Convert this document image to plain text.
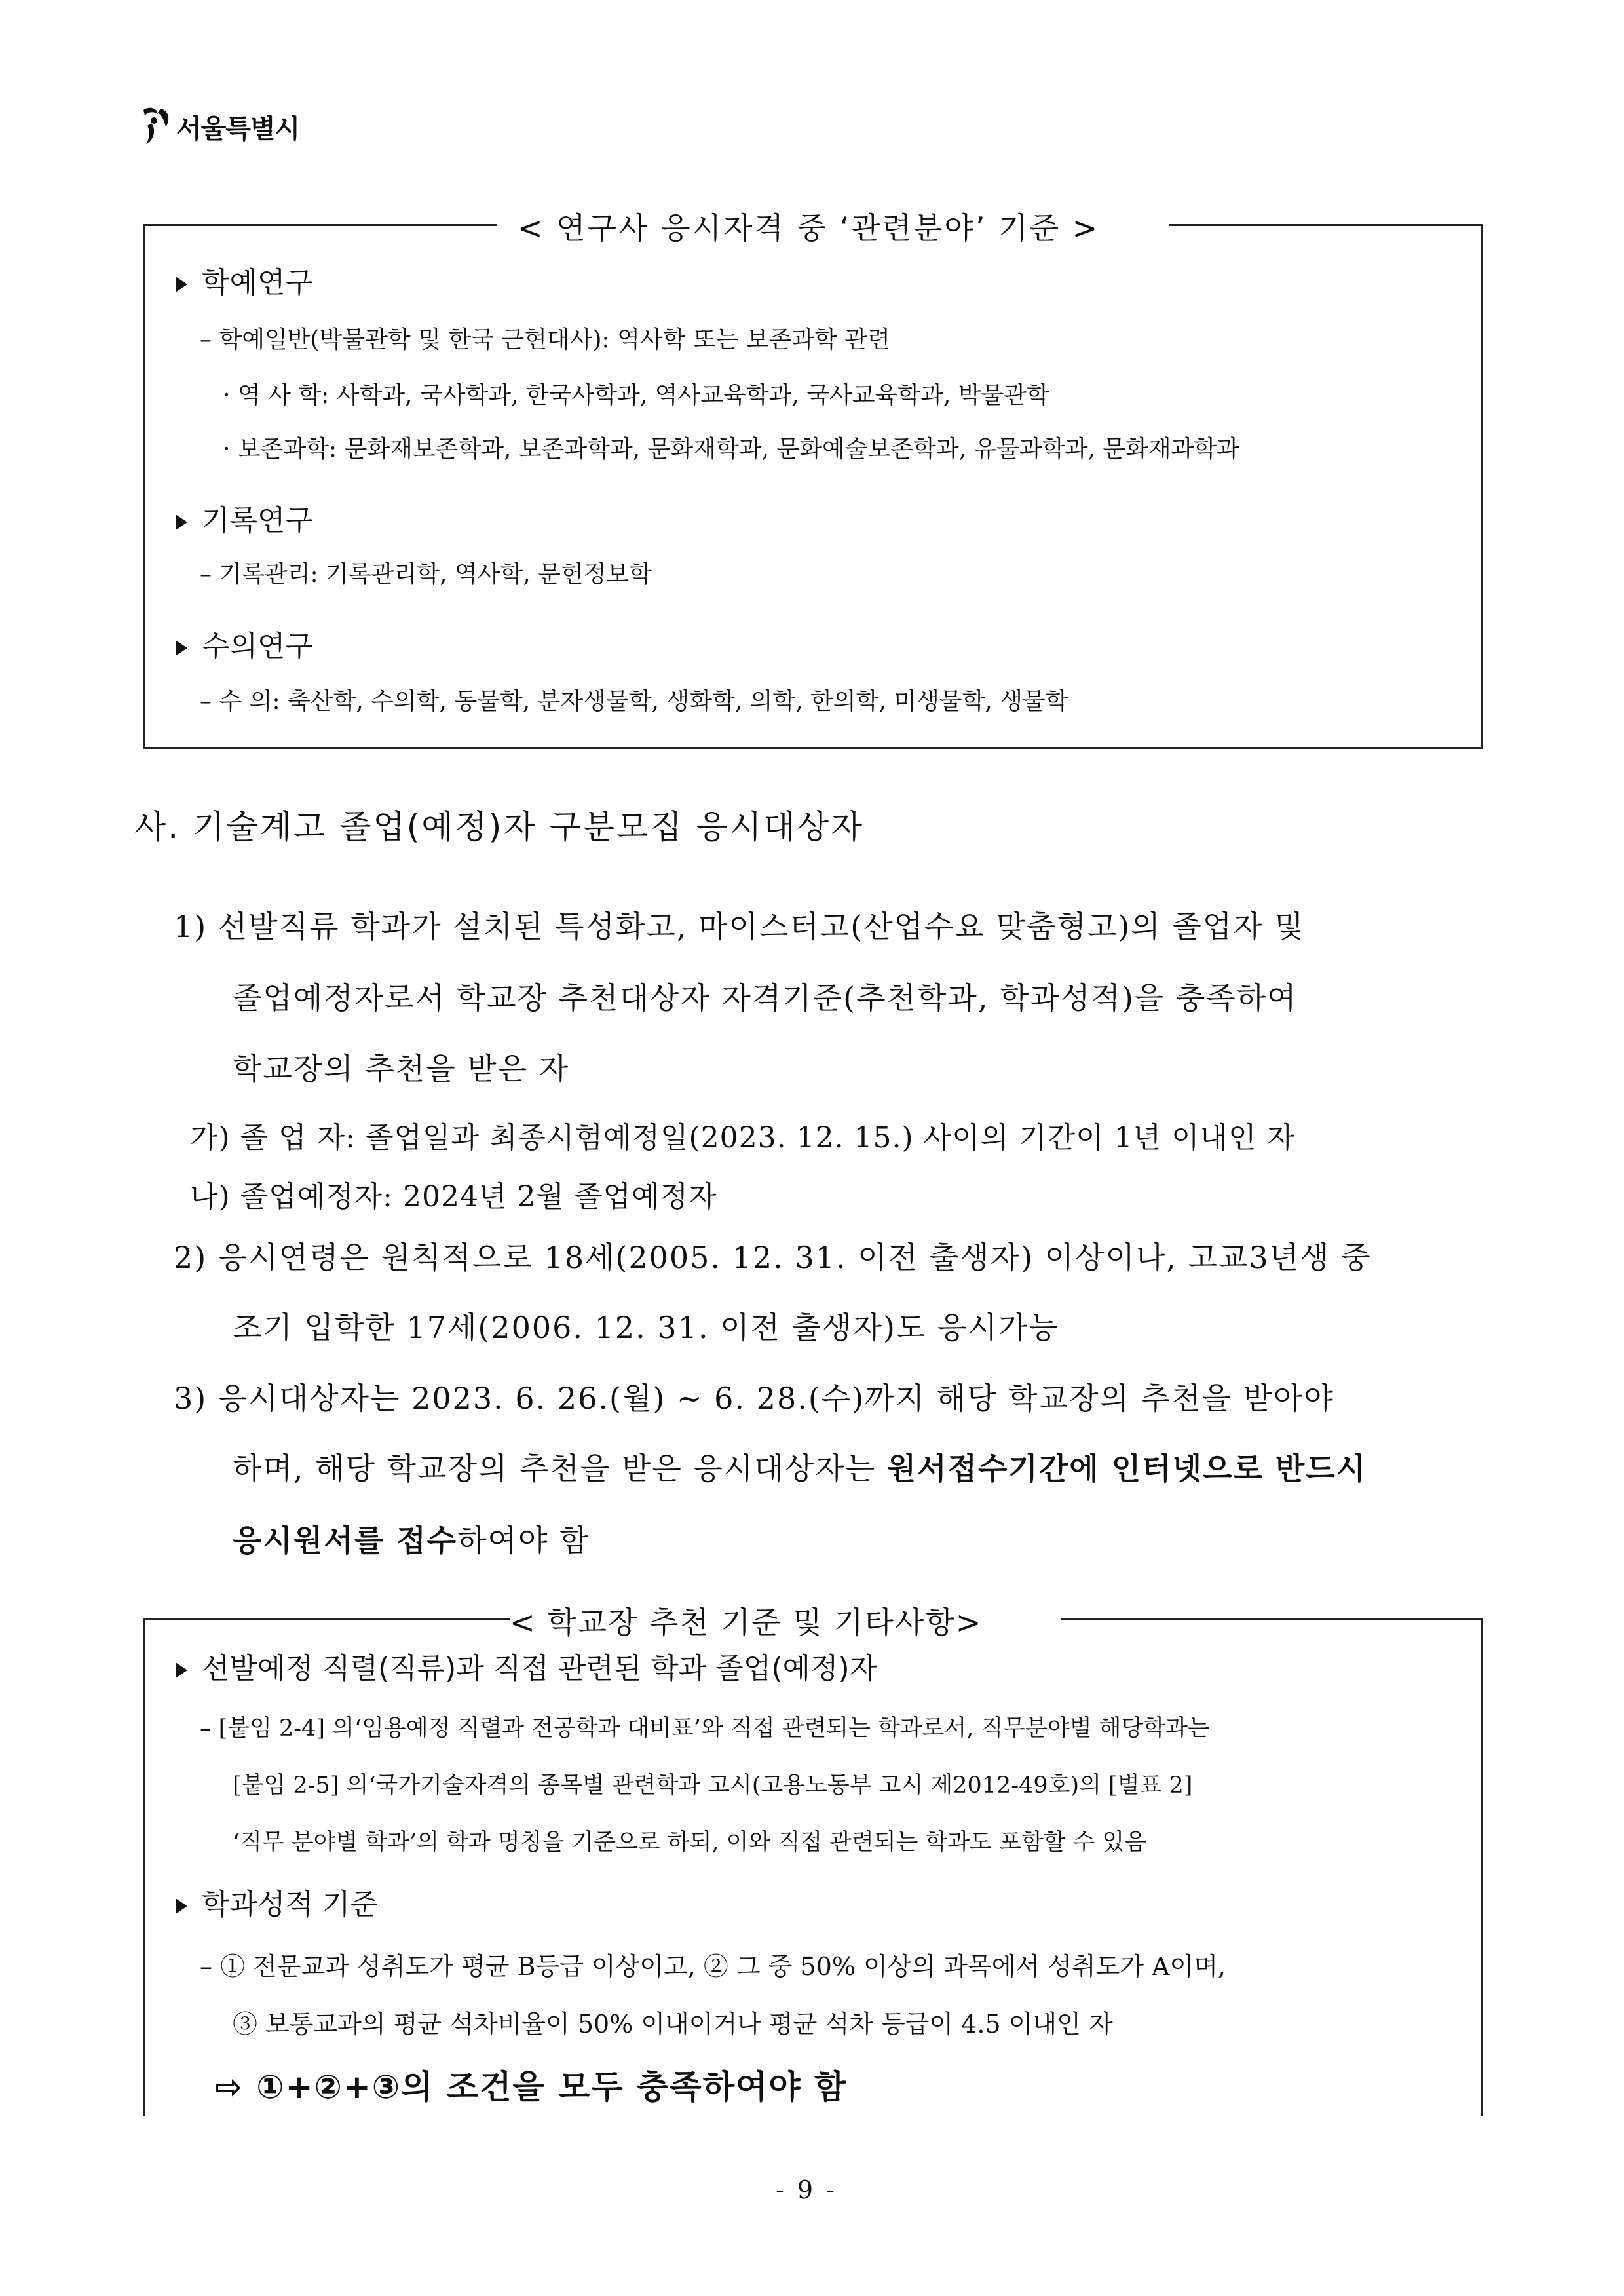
서울특별시
< 연구사 응시자격 중 ‘관련분야’ 기준 >
학예연구
– 학예일반(박물관학 및 한국 근현대사): 역사학 또는 보존과학 관련
· 역 사 학: 사학과, 국사학과, 한국사학과, 역사교육학과, 국사교육학과, 박물관학
· 보존과학: 문화재보존학과, 보존과학과, 문화재학과, 문화예술보존학과, 유물과학과, 문화재과학과
기록연구
– 기록관리: 기록관리학, 역사학, 문헌정보학
수의연구
– 수 의: 축산학, 수의학, 동물학, 분자생물학, 생화학, 의학, 한의학, 미생물학, 생물학
사. 기술계고 졸업(예정)자 구분모집 응시대상자
1) 선발직류 학과가 설치된 특성화고, 마이스터고(산업수요 맞춤형고)의 졸업자 및
졸업예정자로서 학교장 추천대상자 자격기준(추천학과, 학과성적)을 충족하여
학교장의 추천을 받은 자
가) 졸 업 자: 졸업일과 최종시험예정일(2023. 12. 15.) 사이의 기간이 1년 이내인 자
나) 졸업예정자: 2024년 2월 졸업예정자
2) 응시연령은 원칙적으로 18세(2005. 12. 31. 이전 출생자) 이상이나, 고교3년생 중
조기 입학한 17세(2006. 12. 31. 이전 출생자)도 응시가능
3) 응시대상자는 2023. 6. 26.(월) ~ 6. 28.(수)까지 해당 학교장의 추천을 받아야
하며, 해당 학교장의 추천을 받은 응시대상자는 원서접수기간에 인터넷으로 반드시
응시원서를 접수하여야 함
< 학교장 추천 기준 및 기타사항>
선발예정 직렬(직류)과 직접 관련된 학과 졸업(예정)자
– [붙임 2-4] 의‘임용예정 직렬과 전공학과 대비표’와 직접 관련되는 학과로서, 직무분야별 해당학과는
[붙임 2-5] 의‘국가기술자격의 종목별 관련학과 고시(고용노동부 고시 제2012-49호)의 [별표 2]
‘직무 분야별 학과’의 학과 명칭을 기준으로 하되, 이와 직접 관련되는 학과도 포함할 수 있음
학과성적 기준
– ① 전문교과 성취도가 평균 B등급 이상이고, ② 그 중 50% 이상의 과목에서 성취도가 A이며,
③ 보통교과의 평균 석차비율이 50% 이내이거나 평균 석차 등급이 4.5 이내인 자
⇨ ①+②+③의 조건을 모두 충족하여야 함
- 9 -
